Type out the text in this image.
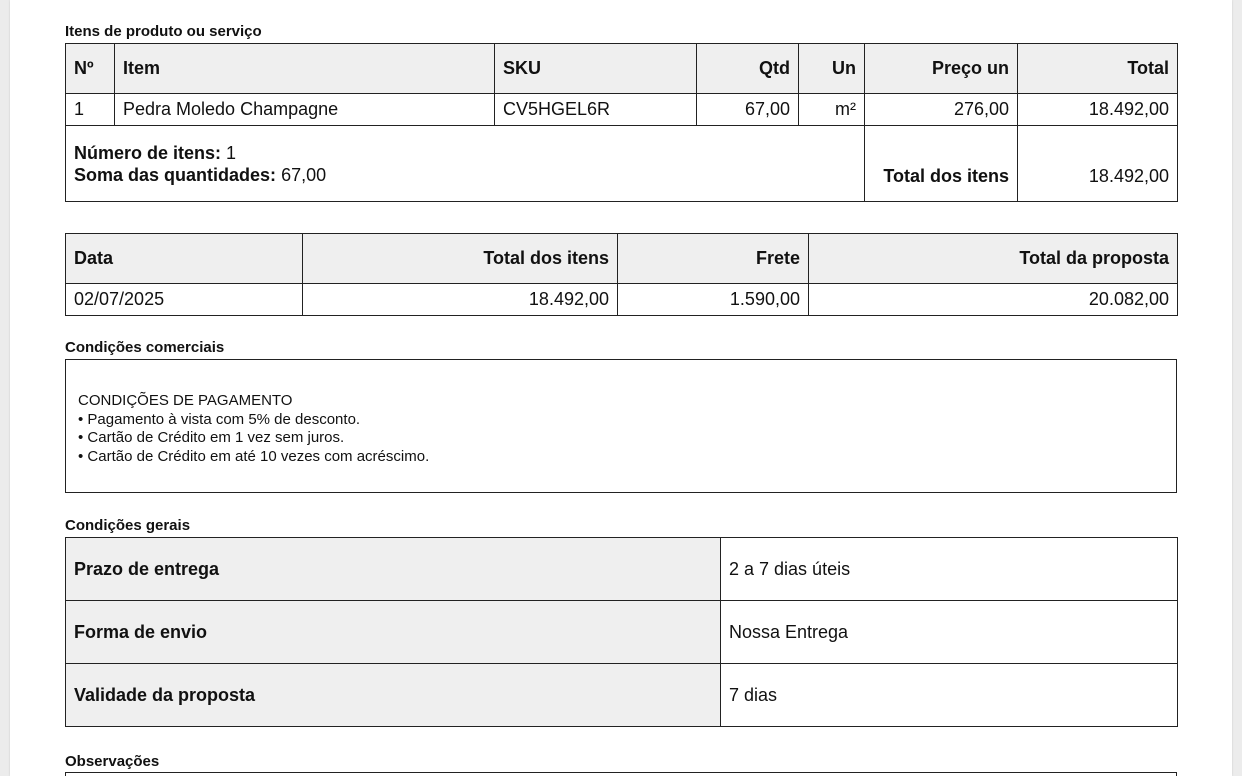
Itens de produto ou serviço
Nº	Item	SKU	Qtd	Un	Preço un	Total
1	Pedra Moledo Champagne	CV5HGEL6R	67,00	m²	276,00	18.492,00

Número de itens: 1
Soma das quantidades: 67,00					Total dos itens	18.492,00
Data	Total dos itens	Frete	Total da proposta
02/07/2025	18.492,00	1.590,00	20.082,00
Condições comerciais
CONDIÇÕES DE PAGAMENTO
• Pagamento à vista com 5% de desconto.
• Cartão de Crédito em 1 vez sem juros.
• Cartão de Crédito em até 10 vezes com acréscimo.
Condições gerais
Prazo de entrega	2 a 7 dias úteis
Forma de envio	Nossa Entrega
Validade da proposta	7 dias
Observações
